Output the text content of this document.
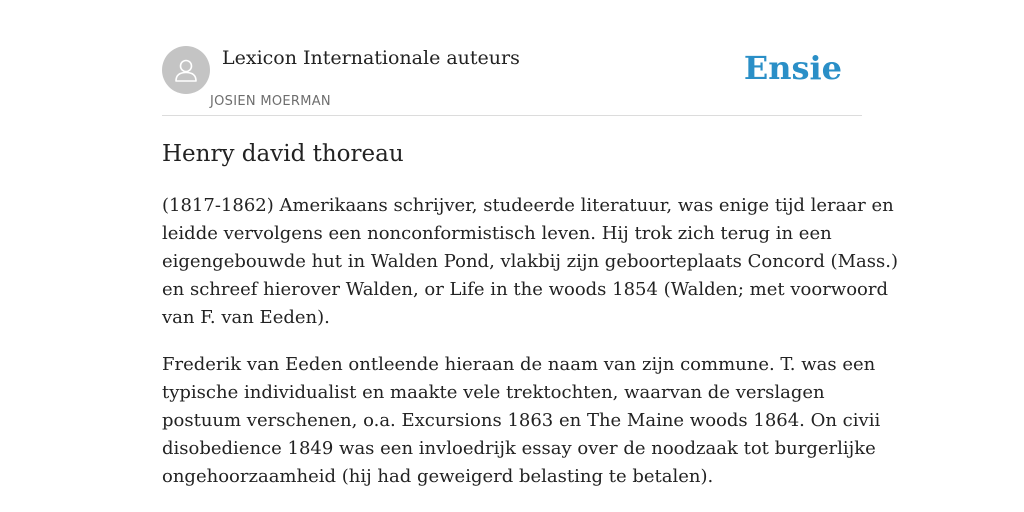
Lexicon Internationale auteurs
JOSIEN MOERMAN
Ensie
Henry david thoreau

(1817-1862) Amerikaans schrijver, studeerde literatuur, was enige tijd leraar en
leidde vervolgens een nonconformistisch leven. Hij trok zich terug in een
eigengebouwde hut in Walden Pond, vlakbij zijn geboorteplaats Concord (Mass.)
en schreef hierover Walden, or Life in the woods 1854 (Walden; met voorwoord
van F. van Eeden).

Frederik van Eeden ontleende hieraan de naam van zijn commune. T. was een
typische individualist en maakte vele trektochten, waarvan de verslagen
postuum verschenen, o.a. Excursions 1863 en The Maine woods 1864. On civii
disobedience 1849 was een invloedrijk essay over de noodzaak tot burgerlijke
ongehoorzaamheid (hij had geweigerd belasting te betalen).
